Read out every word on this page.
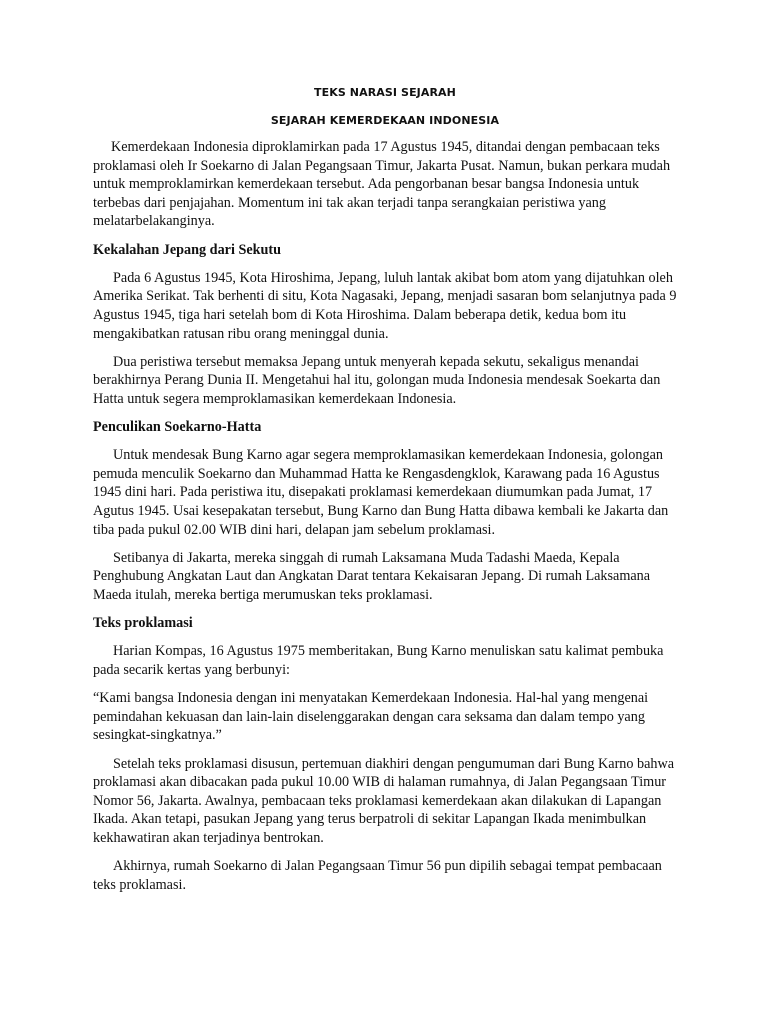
TEKS NARASI SEJARAH
SEJARAH KEMERDEKAAN INDONESIA

Kemerdekaan Indonesia diproklamirkan pada 17 Agustus 1945, ditandai dengan pembacaan teks proklamasi oleh Ir Soekarno di Jalan Pegangsaan Timur, Jakarta Pusat. Namun, bukan perkara mudah untuk memproklamirkan kemerdekaan tersebut. Ada pengorbanan besar bangsa Indonesia untuk terbebas dari penjajahan. Momentum ini tak akan terjadi tanpa serangkaian peristiwa yang melatarbelakanginya.

Kekalahan Jepang dari Sekutu

Pada 6 Agustus 1945, Kota Hiroshima, Jepang, luluh lantak akibat bom atom yang dijatuhkan oleh Amerika Serikat. Tak berhenti di situ, Kota Nagasaki, Jepang, menjadi sasaran bom selanjutnya pada 9 Agustus 1945, tiga hari setelah bom di Kota Hiroshima. Dalam beberapa detik, kedua bom itu mengakibatkan ratusan ribu orang meninggal dunia.

Dua peristiwa tersebut memaksa Jepang untuk menyerah kepada sekutu, sekaligus menandai berakhirnya Perang Dunia II. Mengetahui hal itu, golongan muda Indonesia mendesak Soekarta dan Hatta untuk segera memproklamasikan kemerdekaan Indonesia.

Penculikan Soekarno-Hatta

Untuk mendesak Bung Karno agar segera memproklamasikan kemerdekaan Indonesia, golongan pemuda menculik Soekarno dan Muhammad Hatta ke Rengasdengklok, Karawang pada 16 Agustus 1945 dini hari. Pada peristiwa itu, disepakati proklamasi kemerdekaan diumumkan pada Jumat, 17 Agutus 1945. Usai kesepakatan tersebut, Bung Karno dan Bung Hatta dibawa kembali ke Jakarta dan tiba pada pukul 02.00 WIB dini hari, delapan jam sebelum proklamasi.

Setibanya di Jakarta, mereka singgah di rumah Laksamana Muda Tadashi Maeda, Kepala Penghubung Angkatan Laut dan Angkatan Darat tentara Kekaisaran Jepang. Di rumah Laksamana Maeda itulah, mereka bertiga merumuskan teks proklamasi.

Teks proklamasi

Harian Kompas, 16 Agustus 1975 memberitakan, Bung Karno menuliskan satu kalimat pembuka pada secarik kertas yang berbunyi:

“Kami bangsa Indonesia dengan ini menyatakan Kemerdekaan Indonesia. Hal-hal yang mengenai pemindahan kekuasan dan lain-lain diselenggarakan dengan cara seksama dan dalam tempo yang sesingkat-singkatnya.”

Setelah teks proklamasi disusun, pertemuan diakhiri dengan pengumuman dari Bung Karno bahwa proklamasi akan dibacakan pada pukul 10.00 WIB di halaman rumahnya, di Jalan Pegangsaan Timur Nomor 56, Jakarta. Awalnya, pembacaan teks proklamasi kemerdekaan akan dilakukan di Lapangan Ikada. Akan tetapi, pasukan Jepang yang terus berpatroli di sekitar Lapangan Ikada menimbulkan kekhawatiran akan terjadinya bentrokan.

Akhirnya, rumah Soekarno di Jalan Pegangsaan Timur 56 pun dipilih sebagai tempat pembacaan teks proklamasi.
